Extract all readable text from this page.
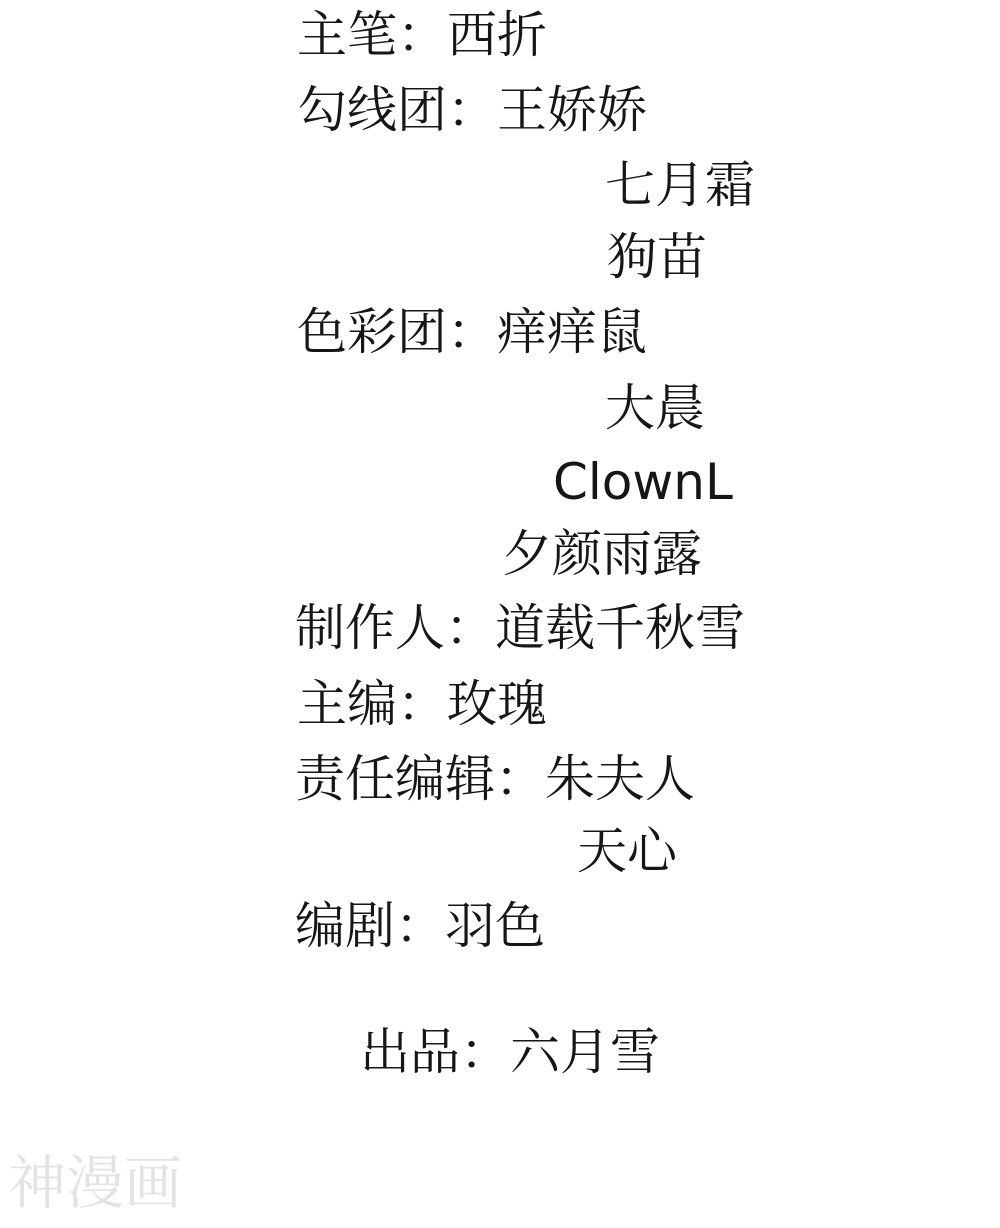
主笔：西折
勾线团：王娇娇
七月霜
狗苗
色彩团：痒痒鼠
大晨
ClownL
夕颜雨露
制作人：道载千秋雪
主编：玫瑰
责任编辑：朱夫人
天心
编剧：羽色
出品：六月雪
神漫画
